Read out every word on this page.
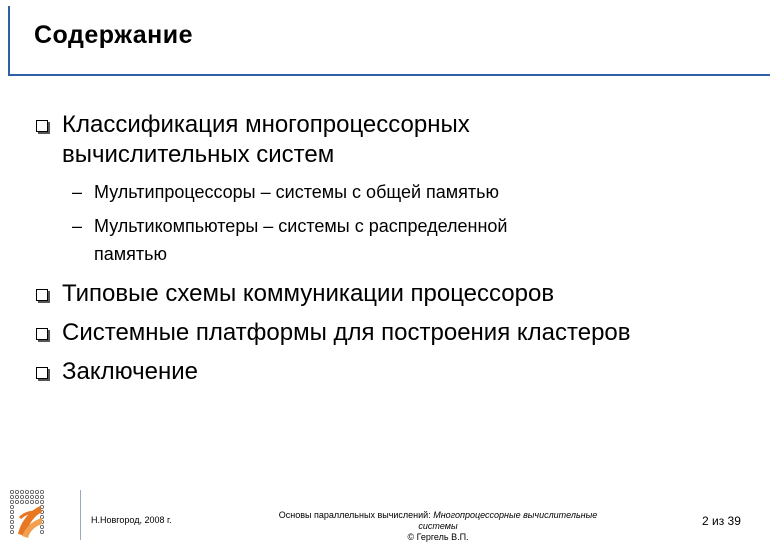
Содержание
Классификация многопроцессорных
вычислительных систем
– Мультипроцессоры – системы с общей памятью
– Мультикомпьютеры – системы с распределенной
памятью
Типовые схемы коммуникации процессоров
Системные платформы для построения кластеров
Заключение
Н.Новгород, 2008 г.	Основы параллельных вычислений: Многопроцессорные вычислительные
системы
© Гергель В.П.
2 из 39
